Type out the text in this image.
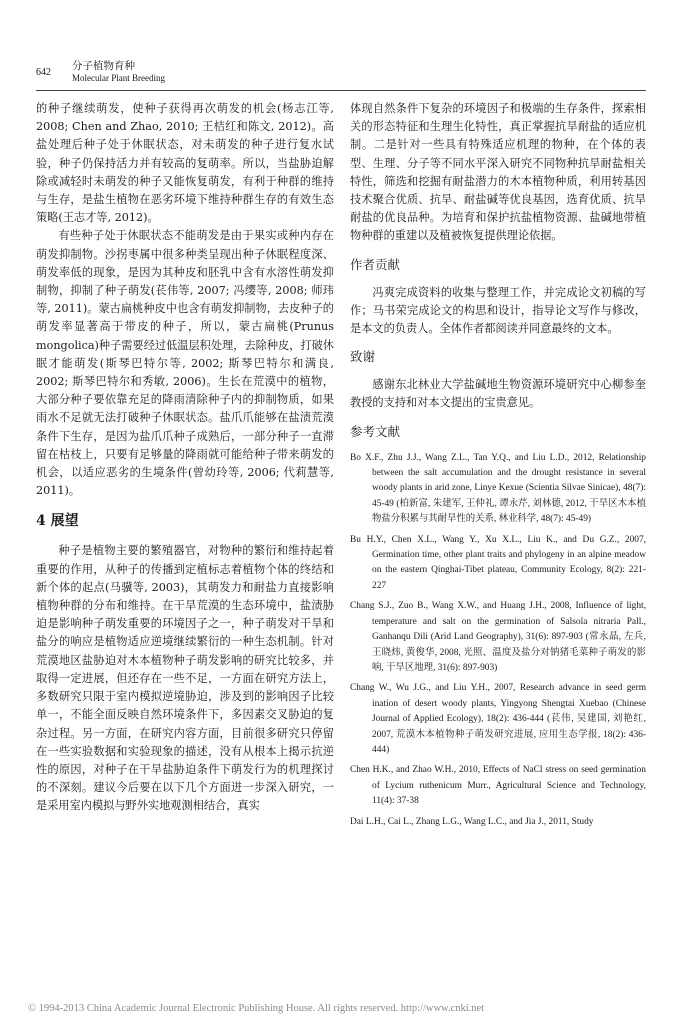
642
分子植物育种
Molecular Plant Breeding

的种子继续萌发，使种子获得再次萌发的机会(杨志江等, 2008; Chen and Zhao, 2010; 王桔红和陈文, 2012)。高盐处理后种子处于休眠状态，对未萌发的种子进行复水试验，种子仍保持活力并有较高的复萌率。所以，当盐胁迫解除或减轻时未萌发的种子又能恢复萌发，有利于种群的维持与生存，是盐生植物在恶劣环境下维持种群生存的有效生态策略(王志才等, 2012)。

有些种子处于休眠状态不能萌发是由于果实或种内存在萌发抑制物。沙拐枣属中很多种类呈现出种子休眠程度深、萌发率低的现象，是因为其种皮和胚乳中含有水溶性萌发抑制物，抑制了种子萌发(苌伟等, 2007; 冯缨等, 2008; 师玮等, 2011)。蒙古扁桃种皮中也含有萌发抑制物，去皮种子的萌发率显著高于带皮的种子，所以，蒙古扁桃(Prunus mongolica)种子需要经过低温层积处理，去除种皮，打破休眠才能萌发(斯琴巴特尔等, 2002; 斯琴巴特尔和满良, 2002; 斯琴巴特尔和秀敏, 2006)。生长在荒漠中的植物，大部分种子要依靠充足的降雨清除种子内的抑制物质，如果雨水不足就无法打破种子休眠状态。盐爪爪能够在盐渍荒漠条件下生存，是因为盐爪爪种子成熟后，一部分种子一直滞留在枯枝上，只要有足够量的降雨就可能给种子带来萌发的机会，以适应恶劣的生境条件(曾幼玲等, 2006; 代莉慧等, 2011)。

4 展望

种子是植物主要的繁殖器官，对物种的繁衍和维持起着重要的作用，从种子的传播到定植标志着植物个体的终结和新个体的起点(马骥等, 2003)，其萌发力和耐盐力直接影响植物种群的分布和维持。在干旱荒漠的生态环境中，盐渍胁迫是影响种子萌发重要的环境因子之一，种子萌发对干旱和盐分的响应是植物适应逆境继续繁衍的一种生态机制。针对荒漠地区盐胁迫对木本植物种子萌发影响的研究比较多，并取得一定进展，但还存在一些不足，一方面在研究方法上，多数研究只限于室内模拟逆境胁迫，涉及到的影响因子比较单一，不能全面反映自然环境条件下，多因素交叉胁迫的复杂过程。另一方面，在研究内容方面，目前很多研究只停留在一些实验数据和实验现象的描述，没有从根本上揭示抗逆性的原因，对种子在干旱盐胁迫条件下萌发行为的机理探讨的不深刻。建议今后要在以下几个方面进一步深入研究，一是采用室内模拟与野外实地观测相结合，真实

体现自然条件下复杂的环境因子和极端的生存条件，探索相关的形态特征和生理生化特性，真正掌握抗旱耐盐的适应机制。二是针对一些具有特殊适应机理的物种，在个体的表型、生理、分子等不同水平深入研究不同物种抗旱耐盐相关特性，筛选和挖掘有耐盐潜力的木本植物种质，利用转基因技术聚合优质、抗旱、耐盐碱等优良基因，选育优质、抗旱耐盐的优良品种。为培育和保护抗盐植物资源、盐碱地带植物种群的重建以及植被恢复提供理论依据。

作者贡献

冯爽完成资料的收集与整理工作，并完成论文初稿的写作；马书荣完成论文的构思和设计，指导论文写作与修改，是本文的负责人。全体作者都阅读并同意最终的文本。

致谢

感谢东北林业大学盐碱地生物资源环境研究中心柳参奎教授的支持和对本文提出的宝贵意见。

参考文献

Bo X.F., Zhu J.J., Wang Z.L., Tan Y.Q., and Liu L.D., 2012, Relationship between the salt accumulation and the drought resistance in several woody plants in arid zone, Linye Kexue (Scientia Silvae Sinicae), 48(7): 45-49 (柏新富, 朱建军, 王仲礼, 谭永芹, 刘林德, 2012, 干旱区木本植物盐分积累与其耐旱性的关系, 林业科学, 48(7): 45-49)

Bu H.Y., Chen X.L., Wang Y., Xu X.L., Liu K., and Du G.Z., 2007, Germination time, other plant traits and phylogeny in an alpine meadow on the eastern Qinghai-Tibet plateau, Community Ecology, 8(2): 221-227

Chang S.J., Zuo B., Wang X.W., and Huang J.H., 2008, Influence of light, temperature and salt on the germination of Salsola nitraria Pall., Ganhanqu Dili (Arid Land Geography), 31(6): 897-903 (常永晶, 左兵, 王晓炜, 黄俊华, 2008, 光照、温度及盐分对钠猪毛菜种子萌发的影响, 干旱区地理, 31(6): 897-903)

Chang W., Wu J.G., and Liu Y.H., 2007, Research advance in seed germ ination of desert woody plants, Yingyong Shengtai Xuebao (Chinese Journal of Applied Ecology), 18(2): 436-444 (苌伟, 吴建国, 刘艳红, 2007, 荒漠木本植物种子萌发研究进展, 应用生态学报, 18(2): 436-444)

Chen H.K., and Zhao W.H., 2010, Effects of NaCl stress on seed germination of Lycium ruthenicum Murr., Agricultural Science and Technology, 11(4): 37-38

Dai L.H., Cai L., Zhang L.G., Wang L.C., and Jia J., 2011, Study

© 1994-2013 China Academic Journal Electronic Publishing House. All rights reserved. http://www.cnki.net
